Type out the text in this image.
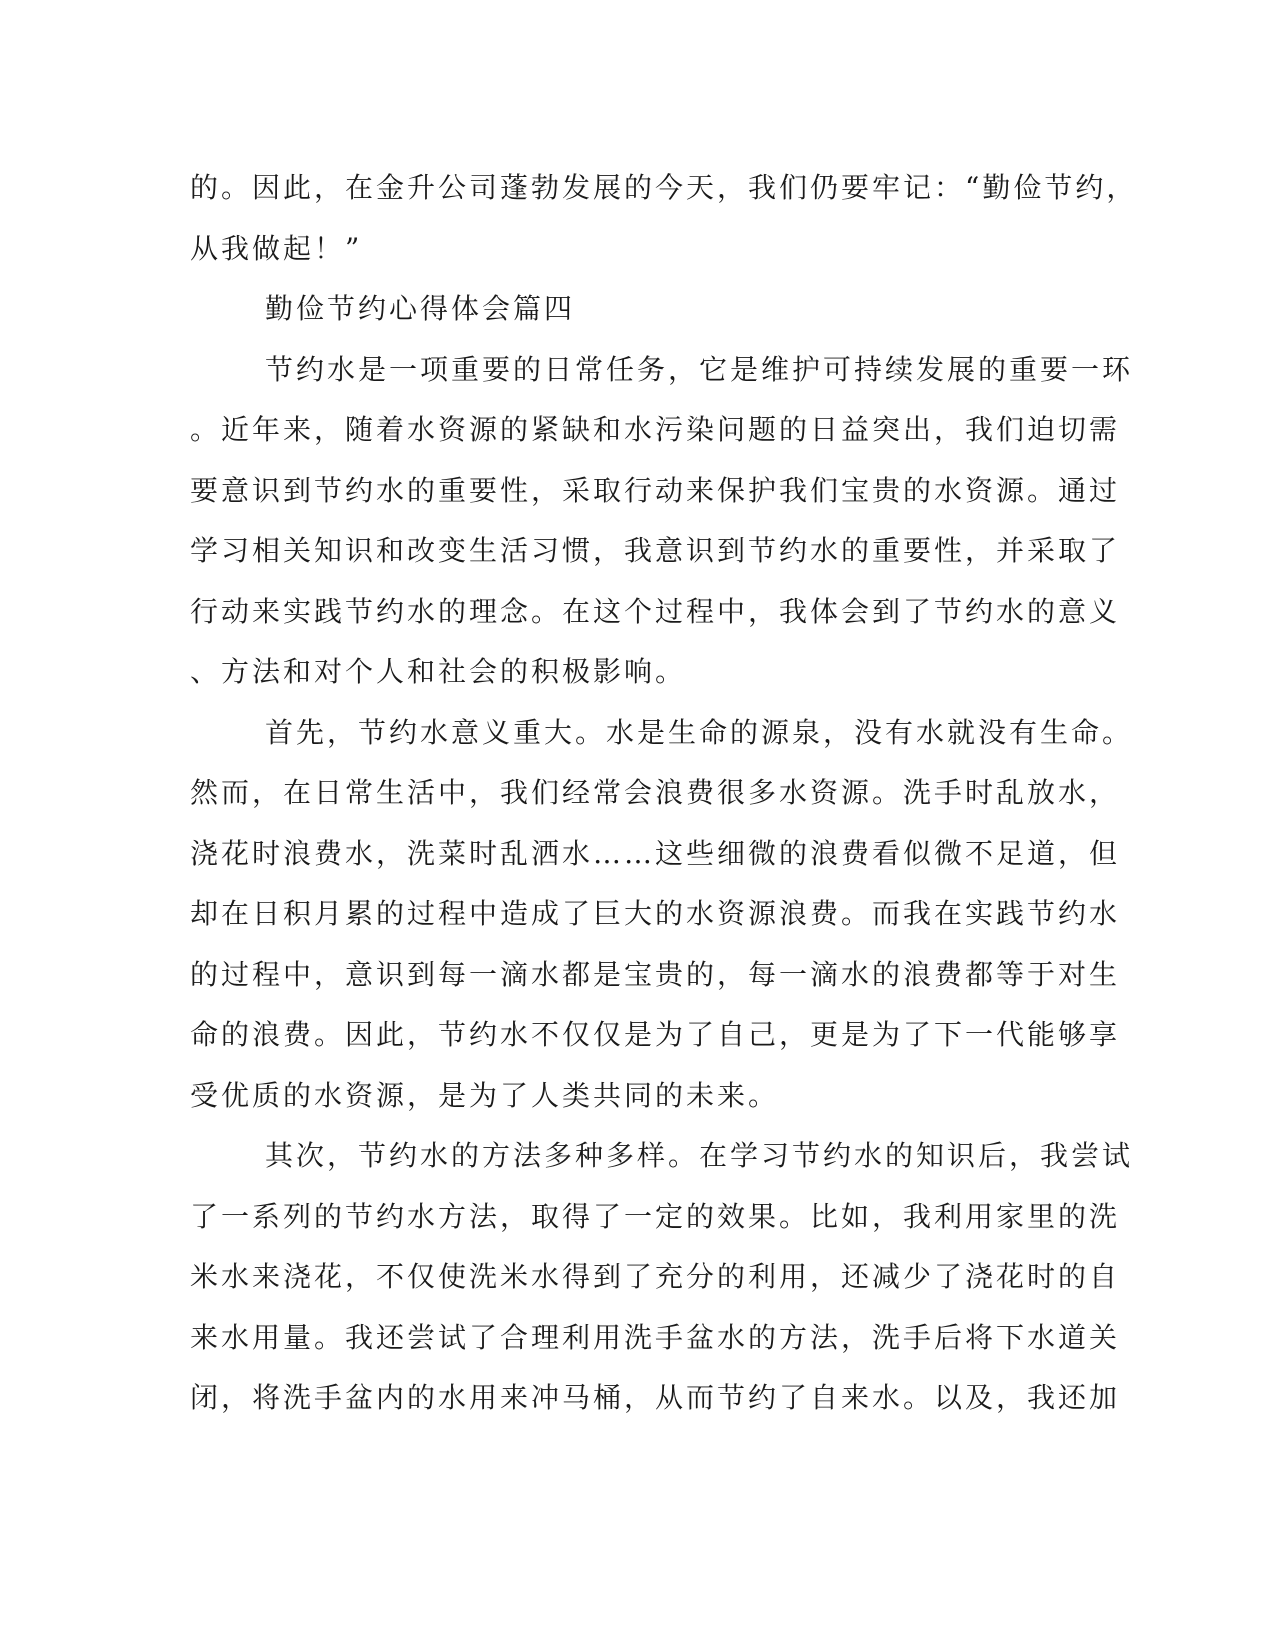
的。因此，在金升公司蓬勃发展的今天，我们仍要牢记：“勤俭节约，
从我做起！”
勤俭节约心得体会篇四
节约水是一项重要的日常任务，它是维护可持续发展的重要一环
。近年来，随着水资源的紧缺和水污染问题的日益突出，我们迫切需
要意识到节约水的重要性，采取行动来保护我们宝贵的水资源。通过
学习相关知识和改变生活习惯，我意识到节约水的重要性，并采取了
行动来实践节约水的理念。在这个过程中，我体会到了节约水的意义
、方法和对个人和社会的积极影响。
首先，节约水意义重大。水是生命的源泉，没有水就没有生命。
然而，在日常生活中，我们经常会浪费很多水资源。洗手时乱放水，
浇花时浪费水，洗菜时乱洒水……这些细微的浪费看似微不足道，但
却在日积月累的过程中造成了巨大的水资源浪费。而我在实践节约水
的过程中，意识到每一滴水都是宝贵的，每一滴水的浪费都等于对生
命的浪费。因此，节约水不仅仅是为了自己，更是为了下一代能够享
受优质的水资源，是为了人类共同的未来。
其次，节约水的方法多种多样。在学习节约水的知识后，我尝试
了一系列的节约水方法，取得了一定的效果。比如，我利用家里的洗
米水来浇花，不仅使洗米水得到了充分的利用，还减少了浇花时的自
来水用量。我还尝试了合理利用洗手盆水的方法，洗手后将下水道关
闭，将洗手盆内的水用来冲马桶，从而节约了自来水。以及，我还加
